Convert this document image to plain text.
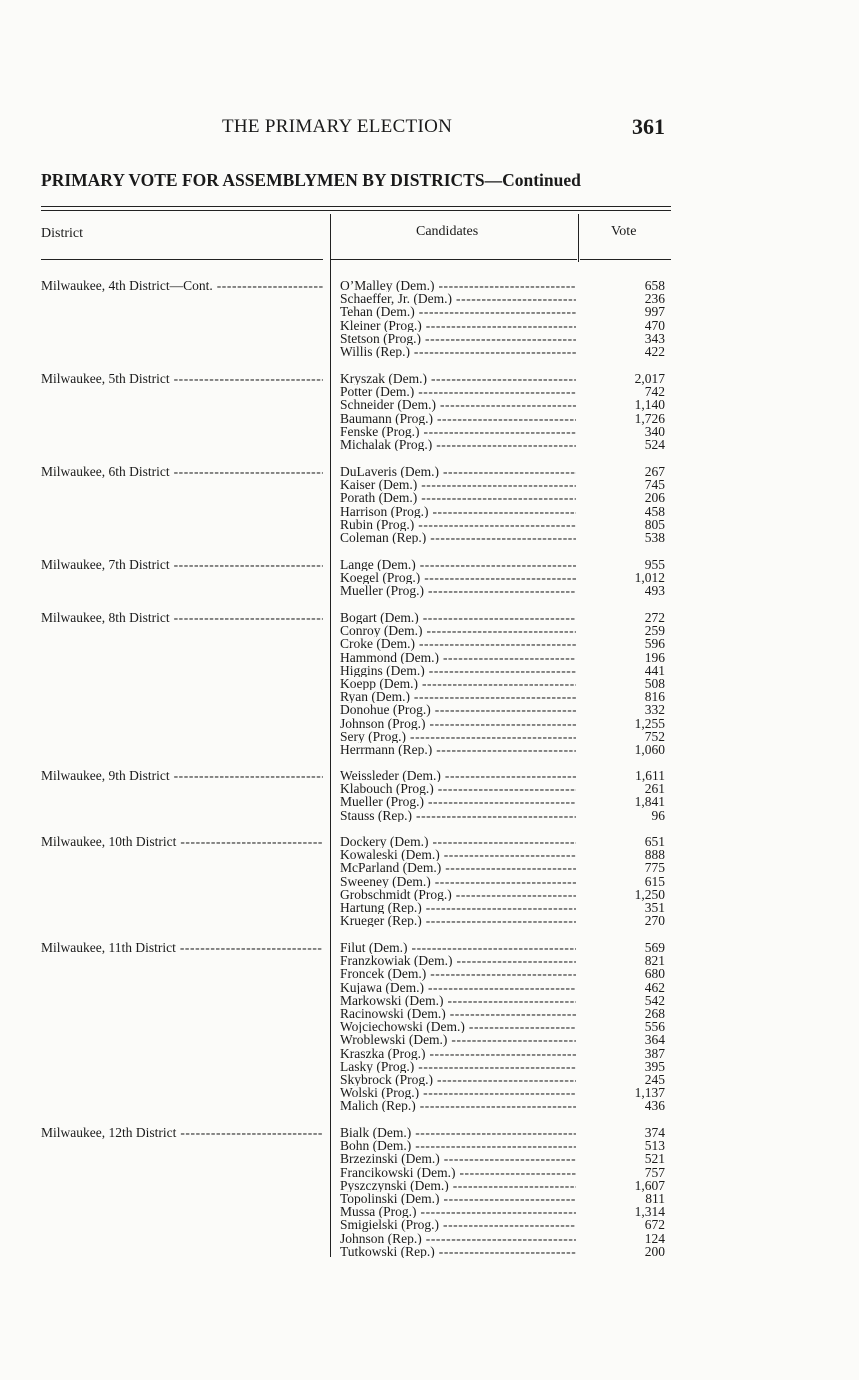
THE PRIMARY ELECTION	361
PRIMARY VOTE FOR ASSEMBLYMEN BY DISTRICTS—Continued
District	Candidates	Vote
Milwaukee, 4th District—Cont. -----	O’Malley (Dem.) -----	658
Schaeffer, Jr. (Dem.) -----	236
Tehan (Dem.) -----	997
Kleiner (Prog.) -----	470
Stetson (Prog.) -----	343
Willis (Rep.) -----	422
Milwaukee, 5th District -----	Kryszak (Dem.) -----	2,017
Potter (Dem.) -----	742
Schneider (Dem.) -----	1,140
Baumann (Prog.) -----	1,726
Fenske (Prog.) -----	340
Michalak (Prog.) -----	524
Milwaukee, 6th District -----	DuLaveris (Dem.) -----	267
Kaiser (Dem.) -----	745
Porath (Dem.) -----	206
Harrison (Prog.) -----	458
Rubin (Prog.) -----	805
Coleman (Rep.) -----	538
Milwaukee, 7th District -----	Lange (Dem.) -----	955
Koegel (Prog.) -----	1,012
Mueller (Prog.) -----	493
Milwaukee, 8th District -----	Bogart (Dem.) -----	272
Conroy (Dem.) -----	259
Croke (Dem.) -----	596
Hammond (Dem.) -----	196
Higgins (Dem.) -----	441
Koepp (Dem.) -----	508
Ryan (Dem.) -----	816
Donohue (Prog.) -----	332
Johnson (Prog.) -----	1,255
Sery (Prog.) -----	752
Herrmann (Rep.) -----	1,060
Milwaukee, 9th District -----	Weissleder (Dem.) -----	1,611
Klabouch (Prog.) -----	261
Mueller (Prog.) -----	1,841
Stauss (Rep.) -----	96
Milwaukee, 10th District -----	Dockery (Dem.) -----	651
Kowaleski (Dem.) -----	888
McParland (Dem.) -----	775
Sweeney (Dem.) -----	615
Grobschmidt (Prog.) -----	1,250
Hartung (Rep.) -----	351
Krueger (Rep.) -----	270
Milwaukee, 11th District -----	Filut (Dem.) -----	569
Franzkowiak (Dem.) -----	821
Froncek (Dem.) -----	680
Kujawa (Dem.) -----	462
Markowski (Dem.) -----	542
Racinowski (Dem.) -----	268
Wojciechowski (Dem.) -----	556
Wroblewski (Dem.) -----	364
Kraszka (Prog.) -----	387
Lasky (Prog.) -----	395
Skybrock (Prog.) -----	245
Wolski (Prog.) -----	1,137
Malich (Rep.) -----	436
Milwaukee, 12th District -----	Bialk (Dem.) -----	374
Bohn (Dem.) -----	513
Brzezinski (Dem.) -----	521
Francikowski (Dem.) -----	757
Pyszczynski (Dem.) -----	1,607
Topolinski (Dem.) -----	811
Mussa (Prog.) -----	1,314
Smigielski (Prog.) -----	672
Johnson (Rep.) -----	124
Tutkowski (Rep.) -----	200
